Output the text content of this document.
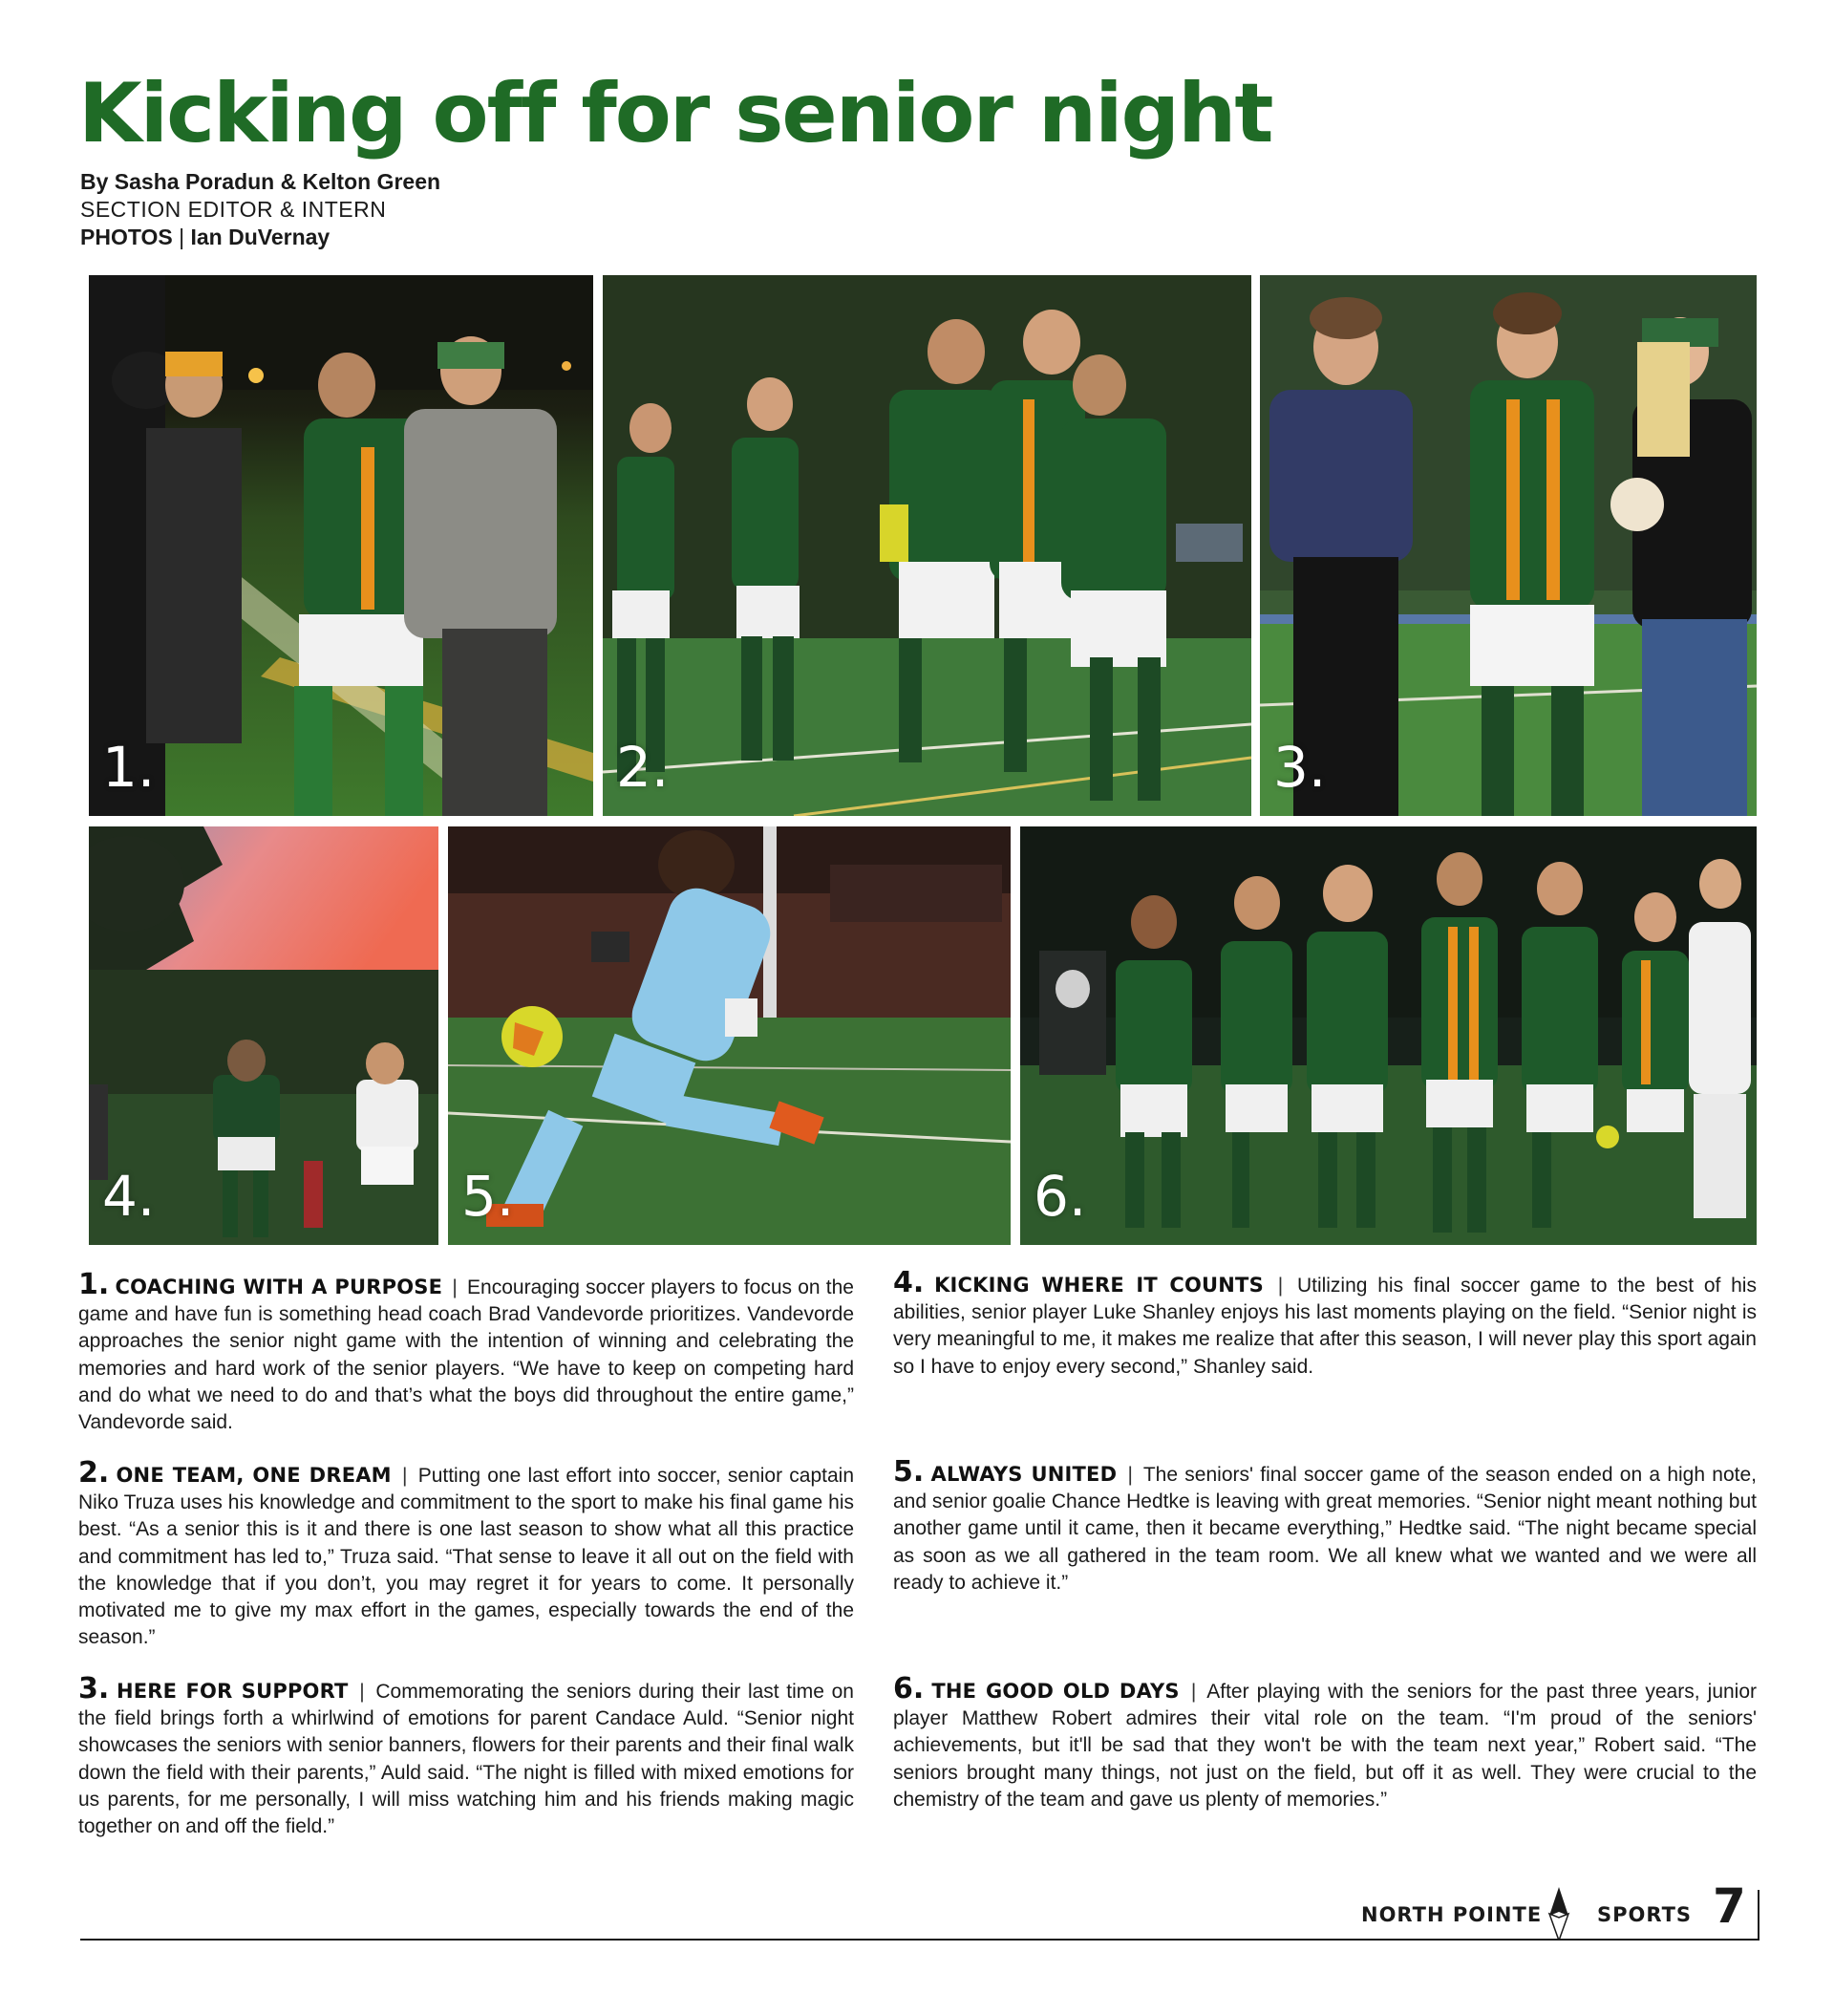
Kicking off for senior night
By Sasha Poradun & Kelton Green
SECTION EDITOR & INTERN
PHOTOS | Ian DuVernay
1.	2.	3.
4.	5.	6.

1. COACHING WITH A PURPOSE | Encouraging soccer players to focus on the game and have fun is something head coach Brad Vandevorde prioritizes. Vandevorde approaches the senior night game with the intention of winning and celebrating the memories and hard work of the senior players. “We have to keep on competing hard and do what we need to do and that’s what the boys did throughout the entire game,” Vandevorde said.

2. ONE TEAM, ONE DREAM | Putting one last effort into soccer, senior captain Niko Truza uses his knowledge and commitment to the sport to make his final game his best. “As a senior this is it and there is one last season to show what all this practice and commitment has led to,” Truza said. “That sense to leave it all out on the field with the knowledge that if you don’t, you may regret it for years to come. It personally motivated me to give my max effort in the games, especially towards the end of the season.”

3. HERE FOR SUPPORT | Commemorating the seniors during their last time on the field brings forth a whirlwind of emotions for parent Candace Auld. “Senior night showcases the seniors with senior banners, flowers for their parents and their final walk down the field with their parents,” Auld said. “The night is filled with mixed emotions for us parents, for me personally, I will miss watching him and his friends making magic together on and off the field.”

4. KICKING WHERE IT COUNTS | Utilizing his final soccer game to the best of his abilities, senior player Luke Shanley enjoys his last moments playing on the field. “Senior night is very meaningful to me, it makes me realize that after this season, I will never play this sport again so I have to enjoy every second,” Shanley said.

5. ALWAYS UNITED | The seniors' final soccer game of the season ended on a high note, and senior goalie Chance Hedtke is leaving with great memories. “Senior night meant nothing but another game until it came, then it became everything,” Hedtke said. “The night became special as soon as we all gathered in the team room. We all knew what we wanted and we were all ready to achieve it.”

6. THE GOOD OLD DAYS | After playing with the seniors for the past three years, junior player Matthew Robert admires their vital role on the team. “I'm proud of the seniors' achievements, but it'll be sad that they won't be with the team next year,” Robert said. “The seniors brought many things, not just on the field, but off it as well. They were crucial to the chemistry of the team and gave us plenty of memories.”

NORTH POINTE	SPORTS 7
